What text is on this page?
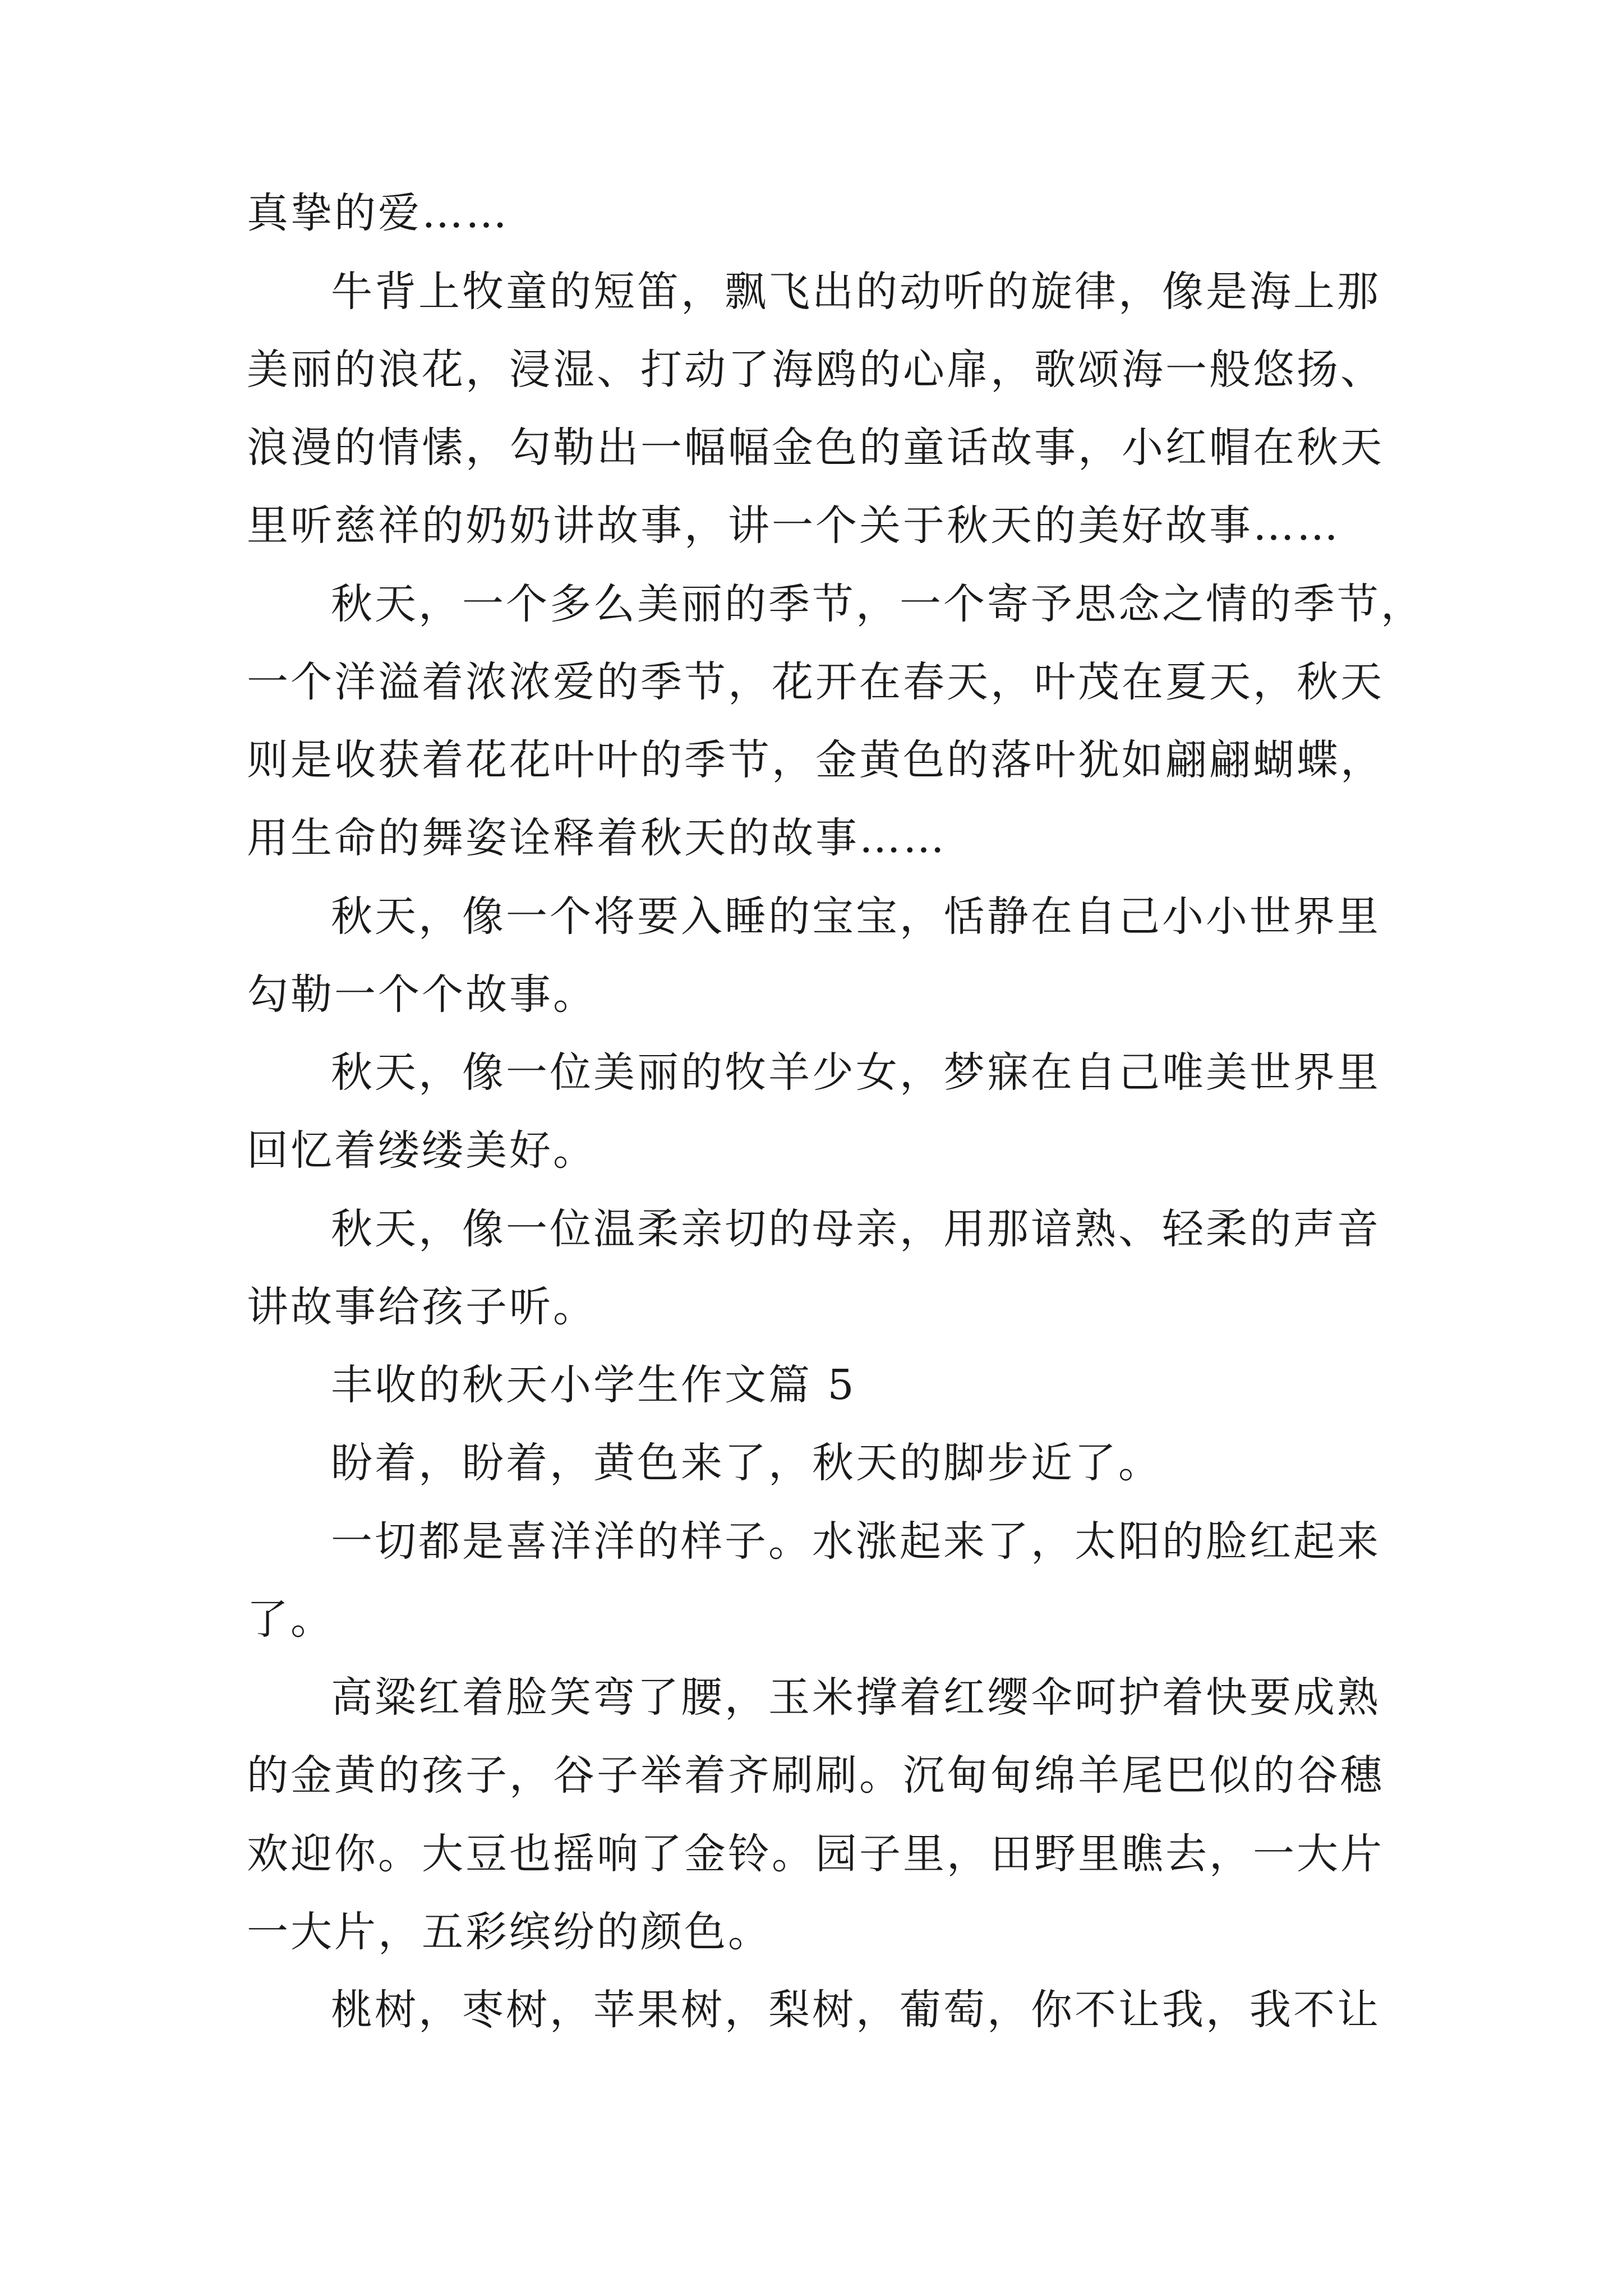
真挚的爱……
牛背上牧童的短笛，飘飞出的动听的旋律，像是海上那
美丽的浪花，浸湿、打动了海鸥的心扉，歌颂海一般悠扬、
浪漫的情愫，勾勒出一幅幅金色的童话故事，小红帽在秋天
里听慈祥的奶奶讲故事，讲一个关于秋天的美好故事……
秋天，一个多么美丽的季节，一个寄予思念之情的季节，
一个洋溢着浓浓爱的季节，花开在春天，叶茂在夏天，秋天
则是收获着花花叶叶的季节，金黄色的落叶犹如翩翩蝴蝶，
用生命的舞姿诠释着秋天的故事……
秋天，像一个将要入睡的宝宝，恬静在自己小小世界里
勾勒一个个故事。
秋天，像一位美丽的牧羊少女，梦寐在自己唯美世界里
回忆着缕缕美好。
秋天，像一位温柔亲切的母亲，用那谙熟、轻柔的声音
讲故事给孩子听。
丰收的秋天小学生作文篇 5
盼着，盼着，黄色来了，秋天的脚步近了。
一切都是喜洋洋的样子。水涨起来了，太阳的脸红起来
了。
高粱红着脸笑弯了腰，玉米撑着红缨伞呵护着快要成熟
的金黄的孩子，谷子举着齐刷刷。沉甸甸绵羊尾巴似的谷穗
欢迎你。大豆也摇响了金铃。园子里，田野里瞧去，一大片
一大片，五彩缤纷的颜色。
桃树，枣树，苹果树，梨树，葡萄，你不让我，我不让
